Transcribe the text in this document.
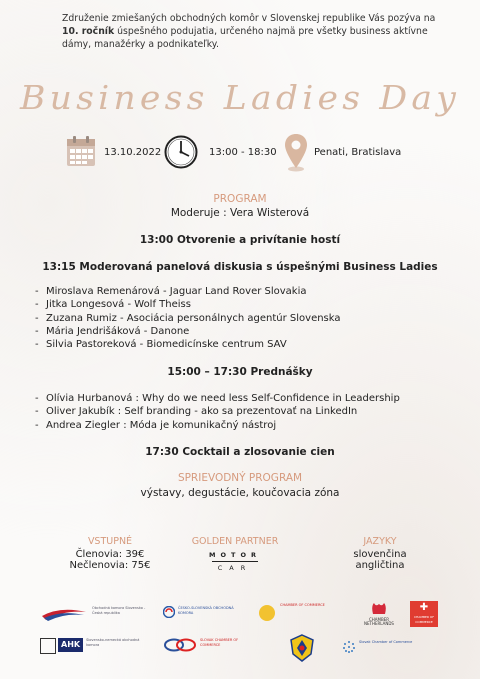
Združenie zmiešaných obchodných komôr v Slovenskej republike Vás pozýva na 10. ročník úspešného podujatia, určeného najmä pre všetky business aktívne dámy, manažérky a podnikateľky.
Business Ladies Day
13.10.2022	13:00 - 18:30	Penati, Bratislava
PROGRAM
Moderuje : Vera Wisterová
13:00 Otvorenie a privítanie hostí
13:15 Moderovaná panelová diskusia s úspešnými Business Ladies
- Miroslava Remenárová - Jaguar Land Rover Slovakia
- Jitka Longesová - Wolf Theiss
- Zuzana Rumiz - Asociácia personálnych agentúr Slovenska
- Mária Jendrišáková - Danone
- Silvia Pastoreková - Biomedicínske centrum SAV
15:00 – 17:30 Prednášky
- Olívia Hurbanová : Why do we need less Self-Confidence in Leadership
- Oliver Jakubík : Self branding - ako sa prezentovať na LinkedIn
- Andrea Ziegler : Móda je komunikačný nástroj
17:30 Cocktail a zlosovanie cien
SPRIEVODNÝ PROGRAM
výstavy, degustácie, koučovacia zóna
VSTUPNÉ
Členovia: 39€
Nečlenovia: 75€
GOLDEN PARTNER
MOTOR
CAR
JAZYKY
slovenčina
angličtina
Obchodná komora Slovensko - Česká republika
ČESKO-SLOVENSKÁ OBCHODNÁ KOMORA
CHAMBER OF COMMERCE
CHAMBER NETHERLANDS
✚
CHAMBER OF COMMERCE
AHK	Slovensko-nemecká obchodná komora
SLOVAK CHAMBER OF COMMERCE
Slovak Chamber of Commerce
